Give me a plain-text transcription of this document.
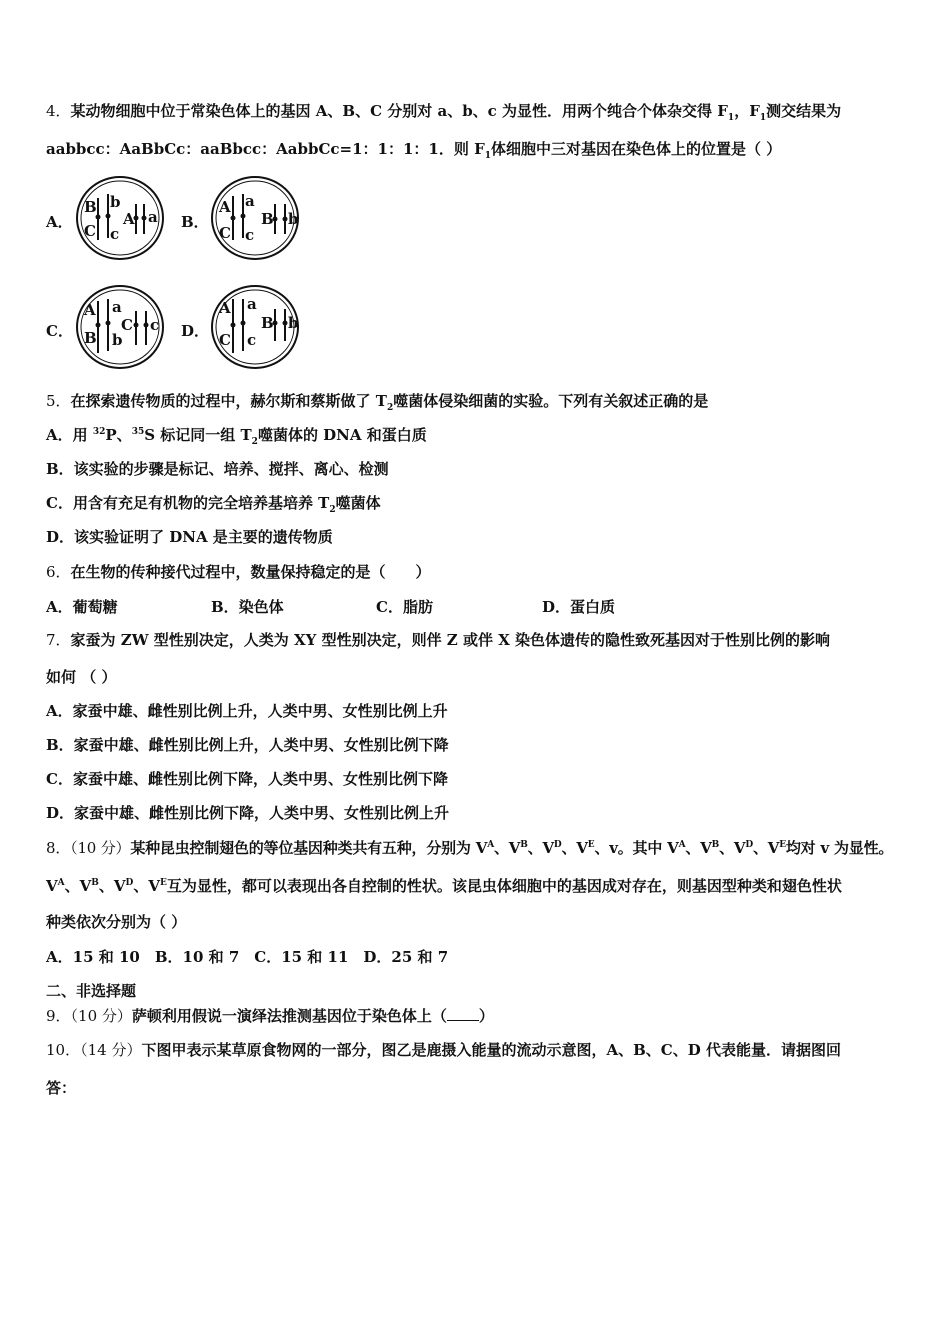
4．某动物细胞中位于常染色体上的基因 A、B、C 分别对 a、b、c 为显性．用两个纯合个体杂交得 $F_1$，$F_1$测交结果为
aabbcc：AaBbCc：aaBbcc：AabbCc=1：1：1：1．则 $F_1$体细胞中三对基因在染色体上的位置是（ ）
A．	B．
C．	D．
B b
C c
A a
A a
C c
B b
A a
B b
C c
A a
C c
B b
5．在探索遗传物质的过程中，赫尔斯和蔡斯做了 $T_2$噬菌体侵染细菌的实验。下列有关叙述正确的是
A．用 $^{32}$P、$^{35}$S 标记同一组 $T_2$噬菌体的 DNA 和蛋白质
B．该实验的步骤是标记、培养、搅拌、离心、检测
C．用含有充足有机物的完全培养基培养 $T_2$噬菌体
D．该实验证明了 DNA 是主要的遗传物质
6．在生物的传种接代过程中，数量保持稳定的是（　　）
A．葡萄糖	B．染色体	C．脂肪	D．蛋白质
7．家蚕为 ZW 型性别决定，人类为 XY 型性别决定，则伴 Z 或伴 X 染色体遗传的隐性致死基因对于性别比例的影响
如何 （ ）
A．家蚕中雄、雌性别比例上升，人类中男、女性别比例上升
B．家蚕中雄、雌性别比例上升，人类中男、女性别比例下降
C．家蚕中雄、雌性别比例下降，人类中男、女性别比例下降
D．家蚕中雄、雌性别比例下降，人类中男、女性别比例上升
8．（10 分）某种昆虫控制翅色的等位基因种类共有五种，分别为 $V^A$、$V^B$、$V^D$、$V^E$、v。其中 $V^A$、$V^B$、$V^D$、$V^E$均对 v 为显性。
$V^A$、$V^B$、$V^D$、$V^E$互为显性，都可以表现出各自控制的性状。该昆虫体细胞中的基因成对存在，则基因型种类和翅色性状
种类依次分别为（ ）
A．15 和 10　B．10 和 7　C．15 和 11　D．25 和 7
二、非选择题
9．（10 分）萨顿利用假说一演绎法推测基因位于染色体上（ ）
10．（14 分）下图甲表示某草原食物网的一部分，图乙是鹿摄入能量的流动示意图，A、B、C、D 代表能量．请据图回
答：
